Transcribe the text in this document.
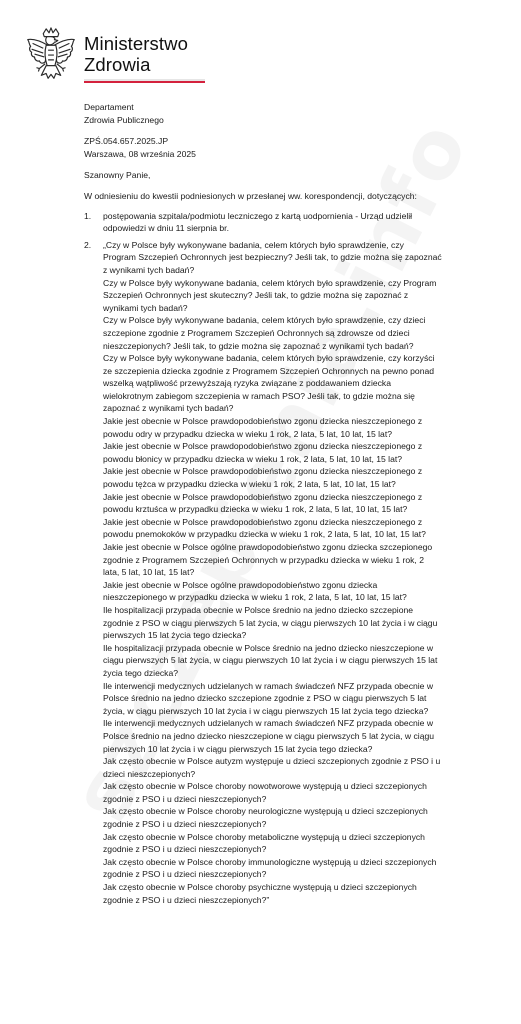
Ministerstwo
Zdrowia
Departament
Zdrowia Publicznego
ZPŚ.054.657.2025.JP
Warszawa, 08 września 2025
Szanowny Panie,
W odniesieniu do kwestii podniesionych w przesłanej ww. korespondencji, dotyczących:
1. postępowania szpitala/podmiotu leczniczego z kartą uodpornienia - Urząd udzielił
odpowiedzi w dniu 11 sierpnia br.
2. „Czy w Polsce były wykonywane badania, celem których było sprawdzenie, czy
Program Szczepień Ochronnych jest bezpieczny? Jeśli tak, to gdzie można się zapoznać
z wynikami tych badań?
Czy w Polsce były wykonywane badania, celem których było sprawdzenie, czy Program
Szczepień Ochronnych jest skuteczny? Jeśli tak, to gdzie można się zapoznać z
wynikami tych badań?
Czy w Polsce były wykonywane badania, celem których było sprawdzenie, czy dzieci
szczepione zgodnie z Programem Szczepień Ochronnych są zdrowsze od dzieci
nieszczepionych? Jeśli tak, to gdzie można się zapoznać z wynikami tych badań?
Czy w Polsce były wykonywane badania, celem których było sprawdzenie, czy korzyści
ze szczepienia dziecka zgodnie z Programem Szczepień Ochronnych na pewno ponad
wszelką wątpliwość przewyższają ryzyka związane z poddawaniem dziecka
wielokrotnym zabiegom szczepienia w ramach PSO? Jeśli tak, to gdzie można się
zapoznać z wynikami tych badań?
Jakie jest obecnie w Polsce prawdopodobieństwo zgonu dziecka nieszczepionego z
powodu odry w przypadku dziecka w wieku 1 rok, 2 lata, 5 lat, 10 lat, 15 lat?
Jakie jest obecnie w Polsce prawdopodobieństwo zgonu dziecka nieszczepionego z
powodu błonicy w przypadku dziecka w wieku 1 rok, 2 lata, 5 lat, 10 lat, 15 lat?
Jakie jest obecnie w Polsce prawdopodobieństwo zgonu dziecka nieszczepionego z
powodu tężca w przypadku dziecka w wieku 1 rok, 2 lata, 5 lat, 10 lat, 15 lat?
Jakie jest obecnie w Polsce prawdopodobieństwo zgonu dziecka nieszczepionego z
powodu krztuśca w przypadku dziecka w wieku 1 rok, 2 lata, 5 lat, 10 lat, 15 lat?
Jakie jest obecnie w Polsce prawdopodobieństwo zgonu dziecka nieszczepionego z
powodu pnemokoków w przypadku dziecka w wieku 1 rok, 2 lata, 5 lat, 10 lat, 15 lat?
Jakie jest obecnie w Polsce ogólne prawdopodobieństwo zgonu dziecka szczepionego
zgodnie z Programem Szczepień Ochronnych w przypadku dziecka w wieku 1 rok, 2
lata, 5 lat, 10 lat, 15 lat?
Jakie jest obecnie w Polsce ogólne prawdopodobieństwo zgonu dziecka
nieszczepionego w przypadku dziecka w wieku 1 rok, 2 lata, 5 lat, 10 lat, 15 lat?
Ile hospitalizacji przypada obecnie w Polsce średnio na jedno dziecko szczepione
zgodnie z PSO w ciągu pierwszych 5 lat życia, w ciągu pierwszych 10 lat życia i w ciągu
pierwszych 15 lat życia tego dziecka?
Ile hospitalizacji przypada obecnie w Polsce średnio na jedno dziecko nieszczepione w
ciągu pierwszych 5 lat życia, w ciągu pierwszych 10 lat życia i w ciągu pierwszych 15 lat
życia tego dziecka?
Ile interwencji medycznych udzielanych w ramach świadczeń NFZ przypada obecnie w
Polsce średnio na jedno dziecko szczepione zgodnie z PSO w ciągu pierwszych 5 lat
życia, w ciągu pierwszych 10 lat życia i w ciągu pierwszych 15 lat życia tego dziecka?
Ile interwencji medycznych udzielanych w ramach świadczeń NFZ przypada obecnie w
Polsce średnio na jedno dziecko nieszczepione w ciągu pierwszych 5 lat życia, w ciągu
pierwszych 10 lat życia i w ciągu pierwszych 15 lat życia tego dziecka?
Jak często obecnie w Polsce autyzm występuje u dzieci szczepionych zgodnie z PSO i u
dzieci nieszczepionych?
Jak często obecnie w Polsce choroby nowotworowe występują u dzieci szczepionych
zgodnie z PSO i u dzieci nieszczepionych?
Jak często obecnie w Polsce choroby neurologiczne występują u dzieci szczepionych
zgodnie z PSO i u dzieci nieszczepionych?
Jak często obecnie w Polsce choroby metaboliczne występują u dzieci szczepionych
zgodnie z PSO i u dzieci nieszczepionych?
Jak często obecnie w Polsce choroby immunologiczne występują u dzieci szczepionych
zgodnie z PSO i u dzieci nieszczepionych?
Jak często obecnie w Polsce choroby psychiczne występują u dzieci szczepionych
zgodnie z PSO i u dzieci nieszczepionych?”
